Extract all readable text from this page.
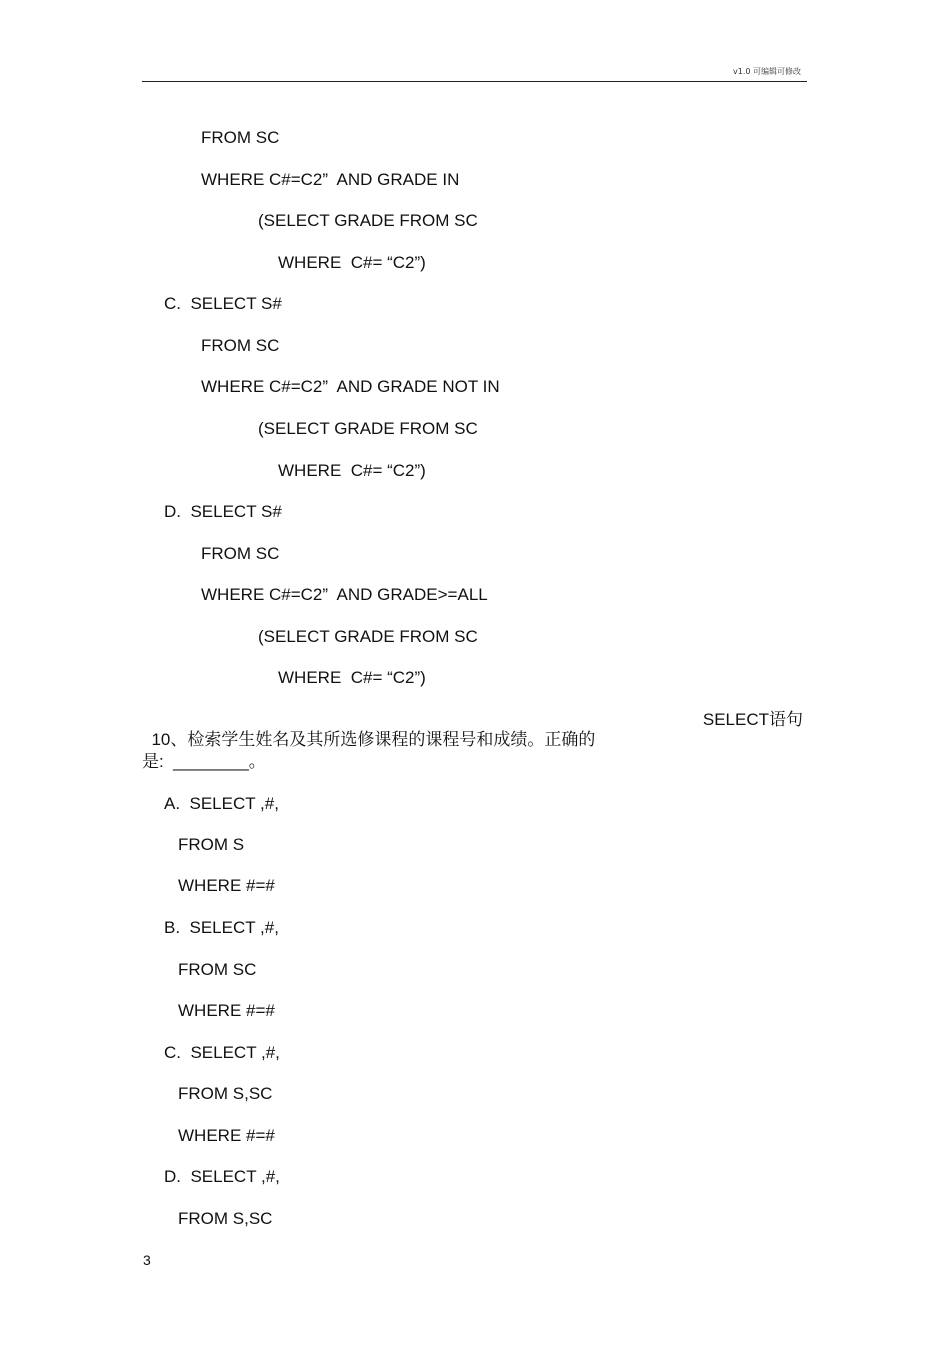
v1.0 可编辑可修改
FROM SC
WHERE C#=C2”  AND GRADE IN
(SELECT GRADE FROM SC
WHERE  C#= “C2”)
C.  SELECT S#
FROM SC
WHERE C#=C2”  AND GRADE NOT IN
(SELECT GRADE FROM SC
WHERE  C#= “C2”)
D.  SELECT S#
FROM SC
WHERE C#=C2”  AND GRADE>=ALL
(SELECT GRADE FROM SC
WHERE  C#= “C2”)

10、检索学生姓名及其所选修课程的课程号和成绩。正确的

SELECT语句

是:  ________。
A.  SELECT ,#,
FROM S
WHERE #=#
B.  SELECT ,#,
FROM SC
WHERE #=#
C.  SELECT ,#,
FROM S,SC
WHERE #=#
D.  SELECT ,#,
FROM S,SC
3
